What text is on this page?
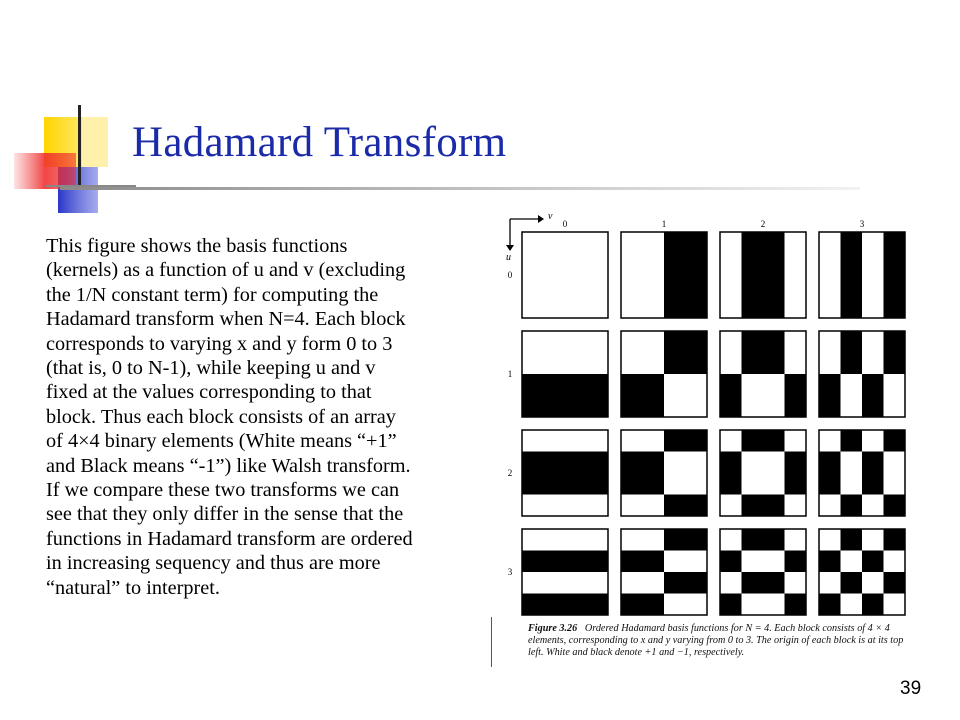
Hadamard Transform
This figure shows the basis functions
(kernels) as a function of u and v (excluding
the 1/N constant term) for computing the
Hadamard transform when N=4. Each block
corresponds to varying x and y form 0 to 3
(that is, 0 to N-1), while keeping u and v
fixed at the values corresponding to that
block. Thus each block consists of an array
of 4×4 binary elements (White means “+1”
and Black means “-1”) like Walsh transform.
If we compare these two transforms we can
see that they only differ in the sense that the
functions in Hadamard transform are ordered
in increasing sequency and thus are more
“natural” to interpret.
v
u
0	1	2	3
0
1
2
3
Figure 3.26 Ordered Hadamard basis functions for N = 4. Each block consists of 4 × 4
elements, corresponding to x and y varying from 0 to 3. The origin of each block is at its top
left. White and black denote +1 and −1, respectively.
39
